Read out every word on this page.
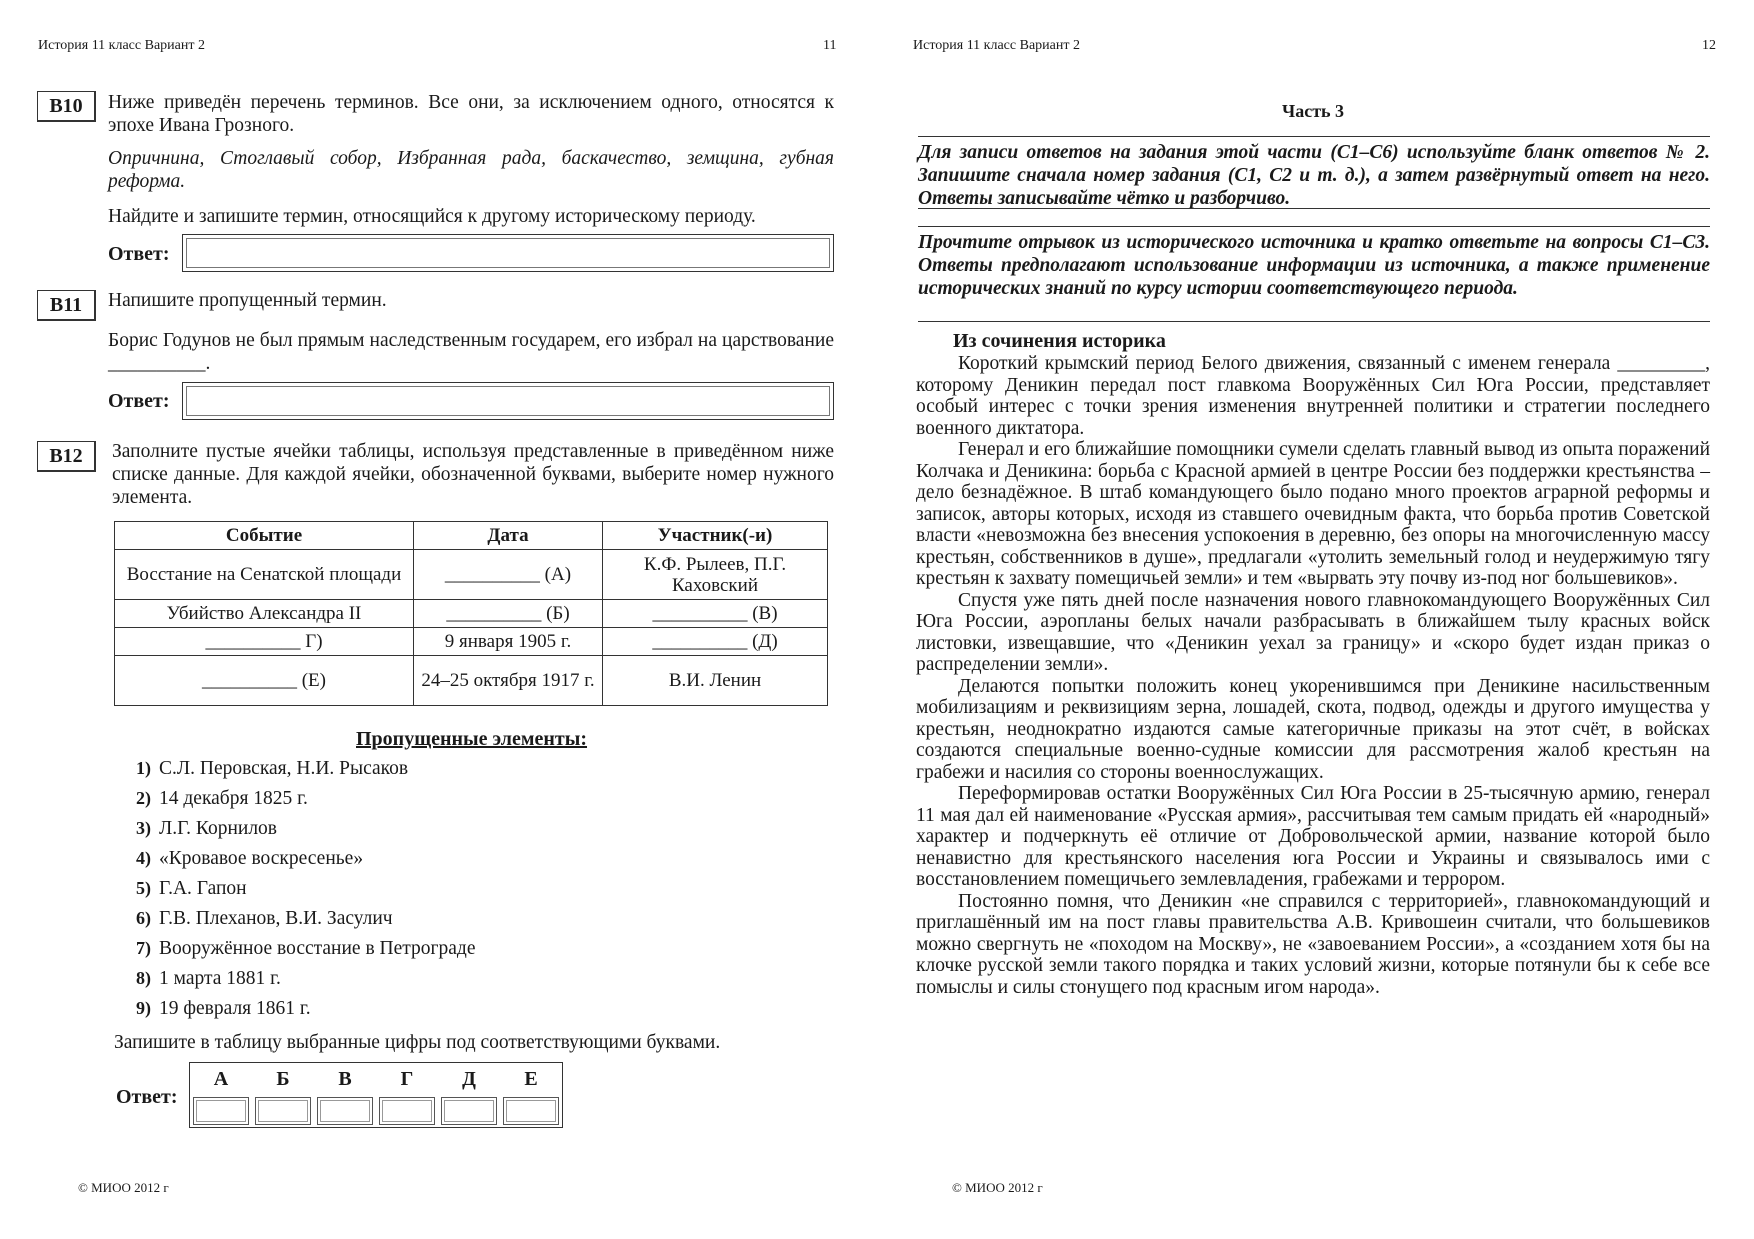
История 11 класс Вариант 2	11
В10	Ниже приведён перечень терминов. Все они, за исключением одного, относятся к эпохе Ивана Грозного.
Опричнина, Стоглавый собор, Избранная рада, баскачество, земщина, губная реформа.
Найдите и запишите термин, относящийся к другому историческому периоду.
Ответ:
В11	Напишите пропущенный термин.
Борис Годунов не был прямым наследственным государем, его избрал на царствование __________.
Ответ:
В12	Заполните пустые ячейки таблицы, используя представленные в приведённом ниже списке данные. Для каждой ячейки, обозначенной буквами, выберите номер нужного элемента.
Событие	Дата	Участник(-и)
Восстание на Сенатской площади	__________ (А)	К.Ф. Рылеев, П.Г. Каховский
Убийство Александра II	__________ (Б)	__________ (В)
__________ Г)	9 января 1905 г.	__________ (Д)
__________ (Е)	24–25 октября 1917 г.	В.И. Ленин
Пропущенные элементы:
1) С.Л. Перовская, Н.И. Рысаков
2) 14 декабря 1825 г.
3) Л.Г. Корнилов
4) «Кровавое воскресенье»
5) Г.А. Гапон
6) Г.В. Плеханов, В.И. Засулич
7) Вооружённое восстание в Петрограде
8) 1 марта 1881 г.
9) 19 февраля 1861 г.
Запишите в таблицу выбранные цифры под соответствующими буквами.
Ответ:
А	Б	В	Г	Д	Е

© МИОО 2012 г
История 11 класс Вариант 2	12
Часть 3
Для записи ответов на задания этой части (С1–С6) используйте бланк ответов № 2. Запишите сначала номер задания (С1, С2 и т. д.), а затем развёрнутый ответ на него. Ответы записывайте чётко и разборчиво.
Прочтите отрывок из исторического источника и кратко ответьте на вопросы С1–С3. Ответы предполагают использование информации из источника, а также применение исторических знаний по курсу истории соответствующего периода.
Из сочинения историка

Короткий крымский период Белого движения, связанный с именем генерала _________, которому Деникин передал пост главкома Вооружённых Сил Юга России, представляет особый интерес с точки зрения изменения внутренней политики и стратегии последнего военного диктатора.

Генерал и его ближайшие помощники сумели сделать главный вывод из опыта поражений Колчака и Деникина: борьба с Красной армией в центре России без поддержки крестьянства – дело безнадёжное. В штаб командующего было подано много проектов аграрной реформы и записок, авторы которых, исходя из ставшего очевидным факта, что борьба против Советской власти «невозможна без внесения успокоения в деревню, без опоры на многочисленную массу крестьян, собственников в душе», предлагали «утолить земельный голод и неудержимую тягу крестьян к захвату помещичьей земли» и тем «вырвать эту почву из-под ног большевиков».

Спустя уже пять дней после назначения нового главнокомандующего Вооружённых Сил Юга России, аэропланы белых начали разбрасывать в ближайшем тылу красных войск листовки, извещавшие, что «Деникин уехал за границу» и «скоро будет издан приказ о распределении земли».

Делаются попытки положить конец укоренившимся при Деникине насильственным мобилизациям и реквизициям зерна, лошадей, скота, подвод, одежды и другого имущества у крестьян, неоднократно издаются самые категоричные приказы на этот счёт, в войсках создаются специальные военно-судные комиссии для рассмотрения жалоб крестьян на грабежи и насилия со стороны военнослужащих.

Переформировав остатки Вооружённых Сил Юга России в 25-тысячную армию, генерал 11 мая дал ей наименование «Русская армия», рассчитывая тем самым придать ей «народный» характер и подчеркнуть её отличие от Добровольческой армии, название которой было ненавистно для крестьянского населения юга России и Украины и связывалось ими с восстановлением помещичьего землевладения, грабежами и террором.

Постоянно помня, что Деникин «не справился с территорией», главнокомандующий и приглашённый им на пост главы правительства А.В. Кривошеин считали, что большевиков можно свергнуть не «походом на Москву», не «завоеванием России», а «созданием хотя бы на клочке русской земли такого порядка и таких условий жизни, которые потянули бы к себе все помыслы и силы стонущего под красным игом народа».

© МИОО 2012 г
